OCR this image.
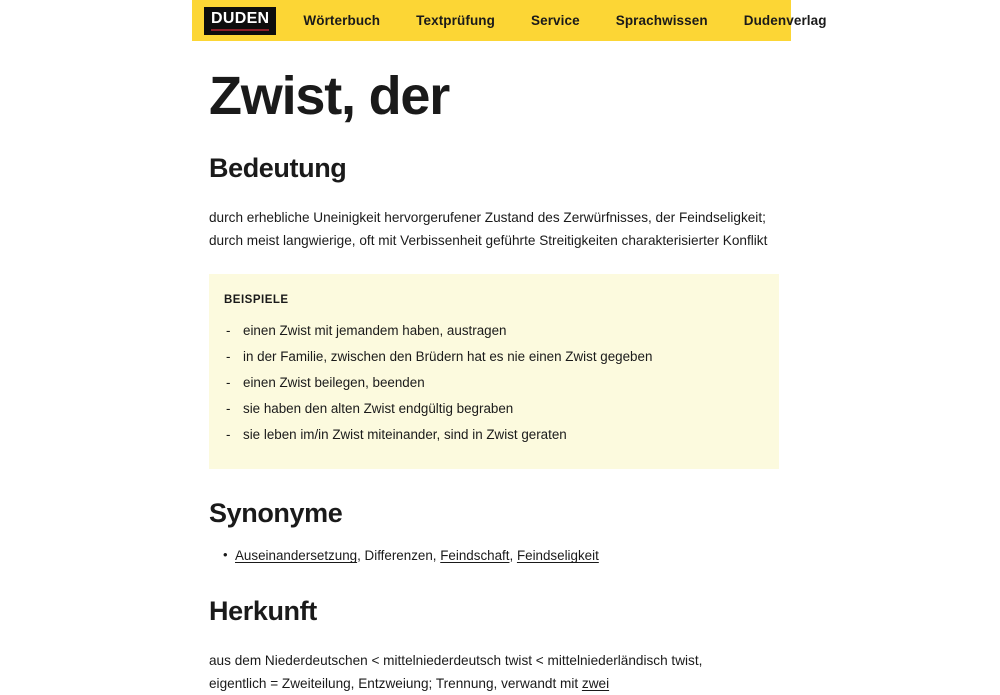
DUDEN	Wörterbuch	Textprüfung	Service	Sprachwissen	Dudenverlag
Zwist, der
Bedeutung

durch erhebliche Uneinigkeit hervorgerufener Zustand des Zerwürfnisses, der Feindseligkeit; durch meist langwierige, oft mit Verbissenheit geführte Streitigkeiten charakterisierter Konflikt

BEISPIELE
- einen Zwist mit jemandem haben, austragen
- in der Familie, zwischen den Brüdern hat es nie einen Zwist gegeben
- einen Zwist beilegen, beenden
- sie haben den alten Zwist endgültig begraben
- sie leben im/in Zwist miteinander, sind in Zwist geraten
Synonyme
• Auseinandersetzung, Differenzen, Feindschaft, Feindseligkeit
Herkunft

aus dem Niederdeutschen < mittelniederdeutsch twist < mittelniederländisch twist, eigentlich = Zweiteilung, Entzweiung; Trennung, verwandt mit zwei
